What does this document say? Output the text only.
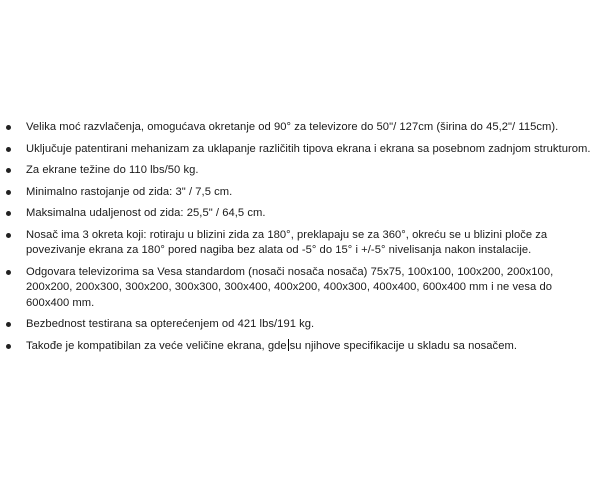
Velika moć razvlačenja, omogućava okretanje od 90° za televizore do 50"/ 127cm (širina do 45,2"/ 115cm).
Uključuje patentirani mehanizam za uklapanje različitih tipova ekrana i ekrana sa posebnom zadnjom strukturom.
Za ekrane težine do 110 lbs/50 kg.
Minimalno rastojanje od zida: 3" / 7,5 cm.
Maksimalna udaljenost od zida: 25,5" / 64,5 cm.
Nosač ima 3 okreta koji: rotiraju u blizini zida za 180°, preklapaju se za 360°, okreću se u blizini ploče za povezivanje ekrana za 180° pored nagiba bez alata od -5° do 15° i +/-5° nivelisanja nakon instalacije.
Odgovara televizorima sa Vesa standardom (nosači nosača nosača) 75x75, 100x100, 100x200, 200x100, 200x200, 200x300, 300x200, 300x300, 300x400, 400x200, 400x300, 400x400, 600x400 mm i ne vesa do 600x400 mm.
Bezbednost testirana sa opterećenjem od 421 lbs/191 kg.
Takođe je kompatibilan za veće veličine ekrana, gde su njihove specifikacije u skladu sa nosačem.
